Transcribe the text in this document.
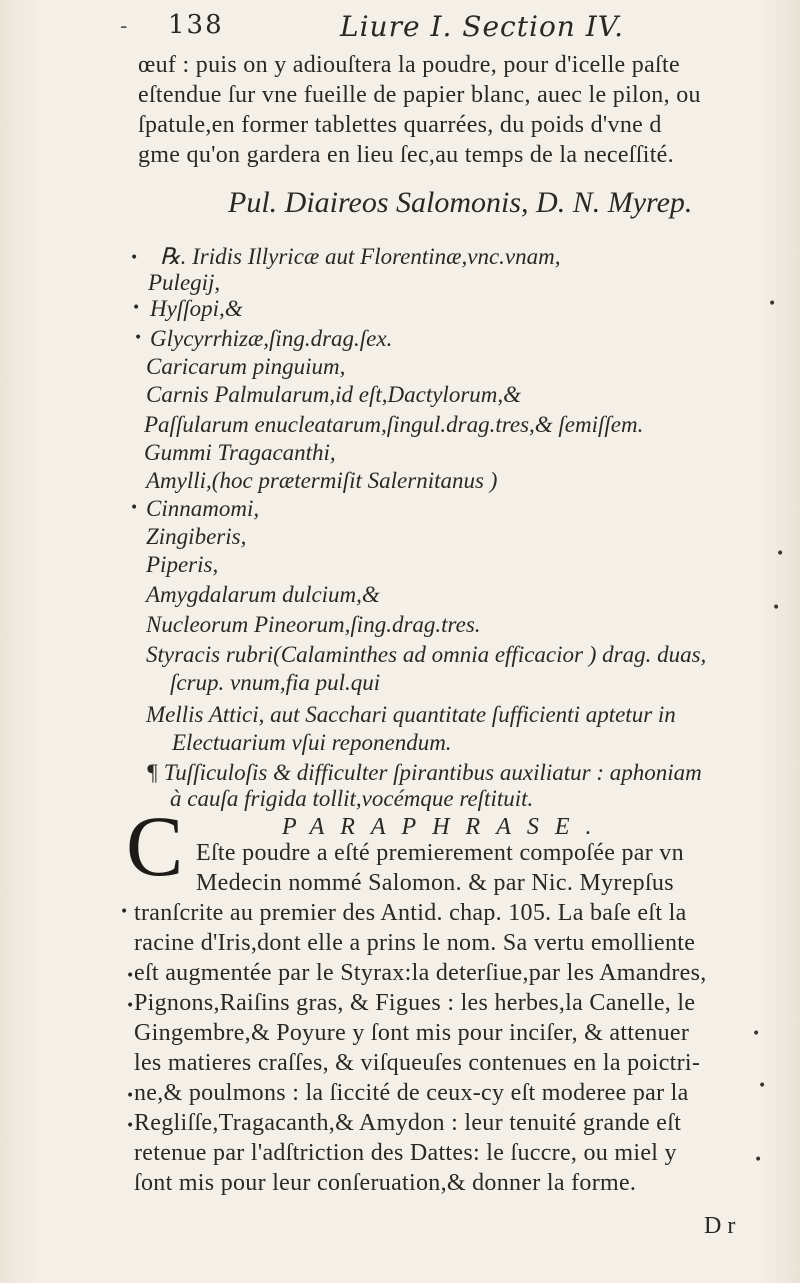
- 138	Liure I. Section IV.
œuf : puis on y adiouſtera la poudre, pour d'icelle paſte
eſtendue ſur vne fueille de papier blanc, auec le pilon, ou
ſpatule,en former tablettes quarrées, du poids d'vne d
gme qu'on gardera en lieu ſec,au temps de la neceſſité.
Pul. Diaireos Salomonis, D. N. Myrep.
℞. Iridis Illyricæ aut Florentinæ,vnc.vnam,
Pulegij,
Hyſſopi,&
Glycyrrhizæ,ſing.drag.ſex.
Caricarum pinguium,
Carnis Palmularum,id eſt,Dactylorum,&
Paſſularum enucleatarum,ſingul.drag.tres,& ſemiſſem.
Gummi Tragacanthi,
Amylli,(hoc prætermiſit Salernitanus )
Cinnamomi,
Zingiberis,
Piperis,
Amygdalarum dulcium,&
Nucleorum Pineorum,ſing.drag.tres.
Styracis rubri(Calaminthes ad omnia efficacior ) drag. duas,
ſcrup. vnum,fia pul.qui
Mellis Attici, aut Sacchari quantitate ſufficienti aptetur in
Electuarium vſui reponendum.
¶ Tuſſiculoſis & difficulter ſpirantibus auxiliatur : aphoniam
à cauſa frigida tollit,vocémque reſtituit.
PARAPHRASE.
C Eſte poudre a eſté premierement compoſée par vn
Medecin nommé Salomon. & par Nic. Myrepſus
tranſcrite au premier des Antid. chap. 105. La baſe eſt la
racine d'Iris,dont elle a prins le nom. Sa vertu emolliente
eſt augmentée par le Styrax:la deterſiue,par les Amandres,
Pignons,Raiſins gras, & Figues : les herbes,la Canelle, le
Gingembre,& Poyure y ſont mis pour inciſer, & attenuer
les matieres craſſes, & viſqueuſes contenues en la poictri-
ne,& poulmons : la ſiccité de ceux-cy eſt moderee par la
Regliſſe,Tragacanth,& Amydon : leur tenuité grande eſt
retenue par l'adſtriction des Dattes: le ſuccre, ou miel y
ſont mis pour leur conſeruation,& donner la forme.
D r
•
•
•
•
•
•
•
•
•
•
•
•
•
•
•
